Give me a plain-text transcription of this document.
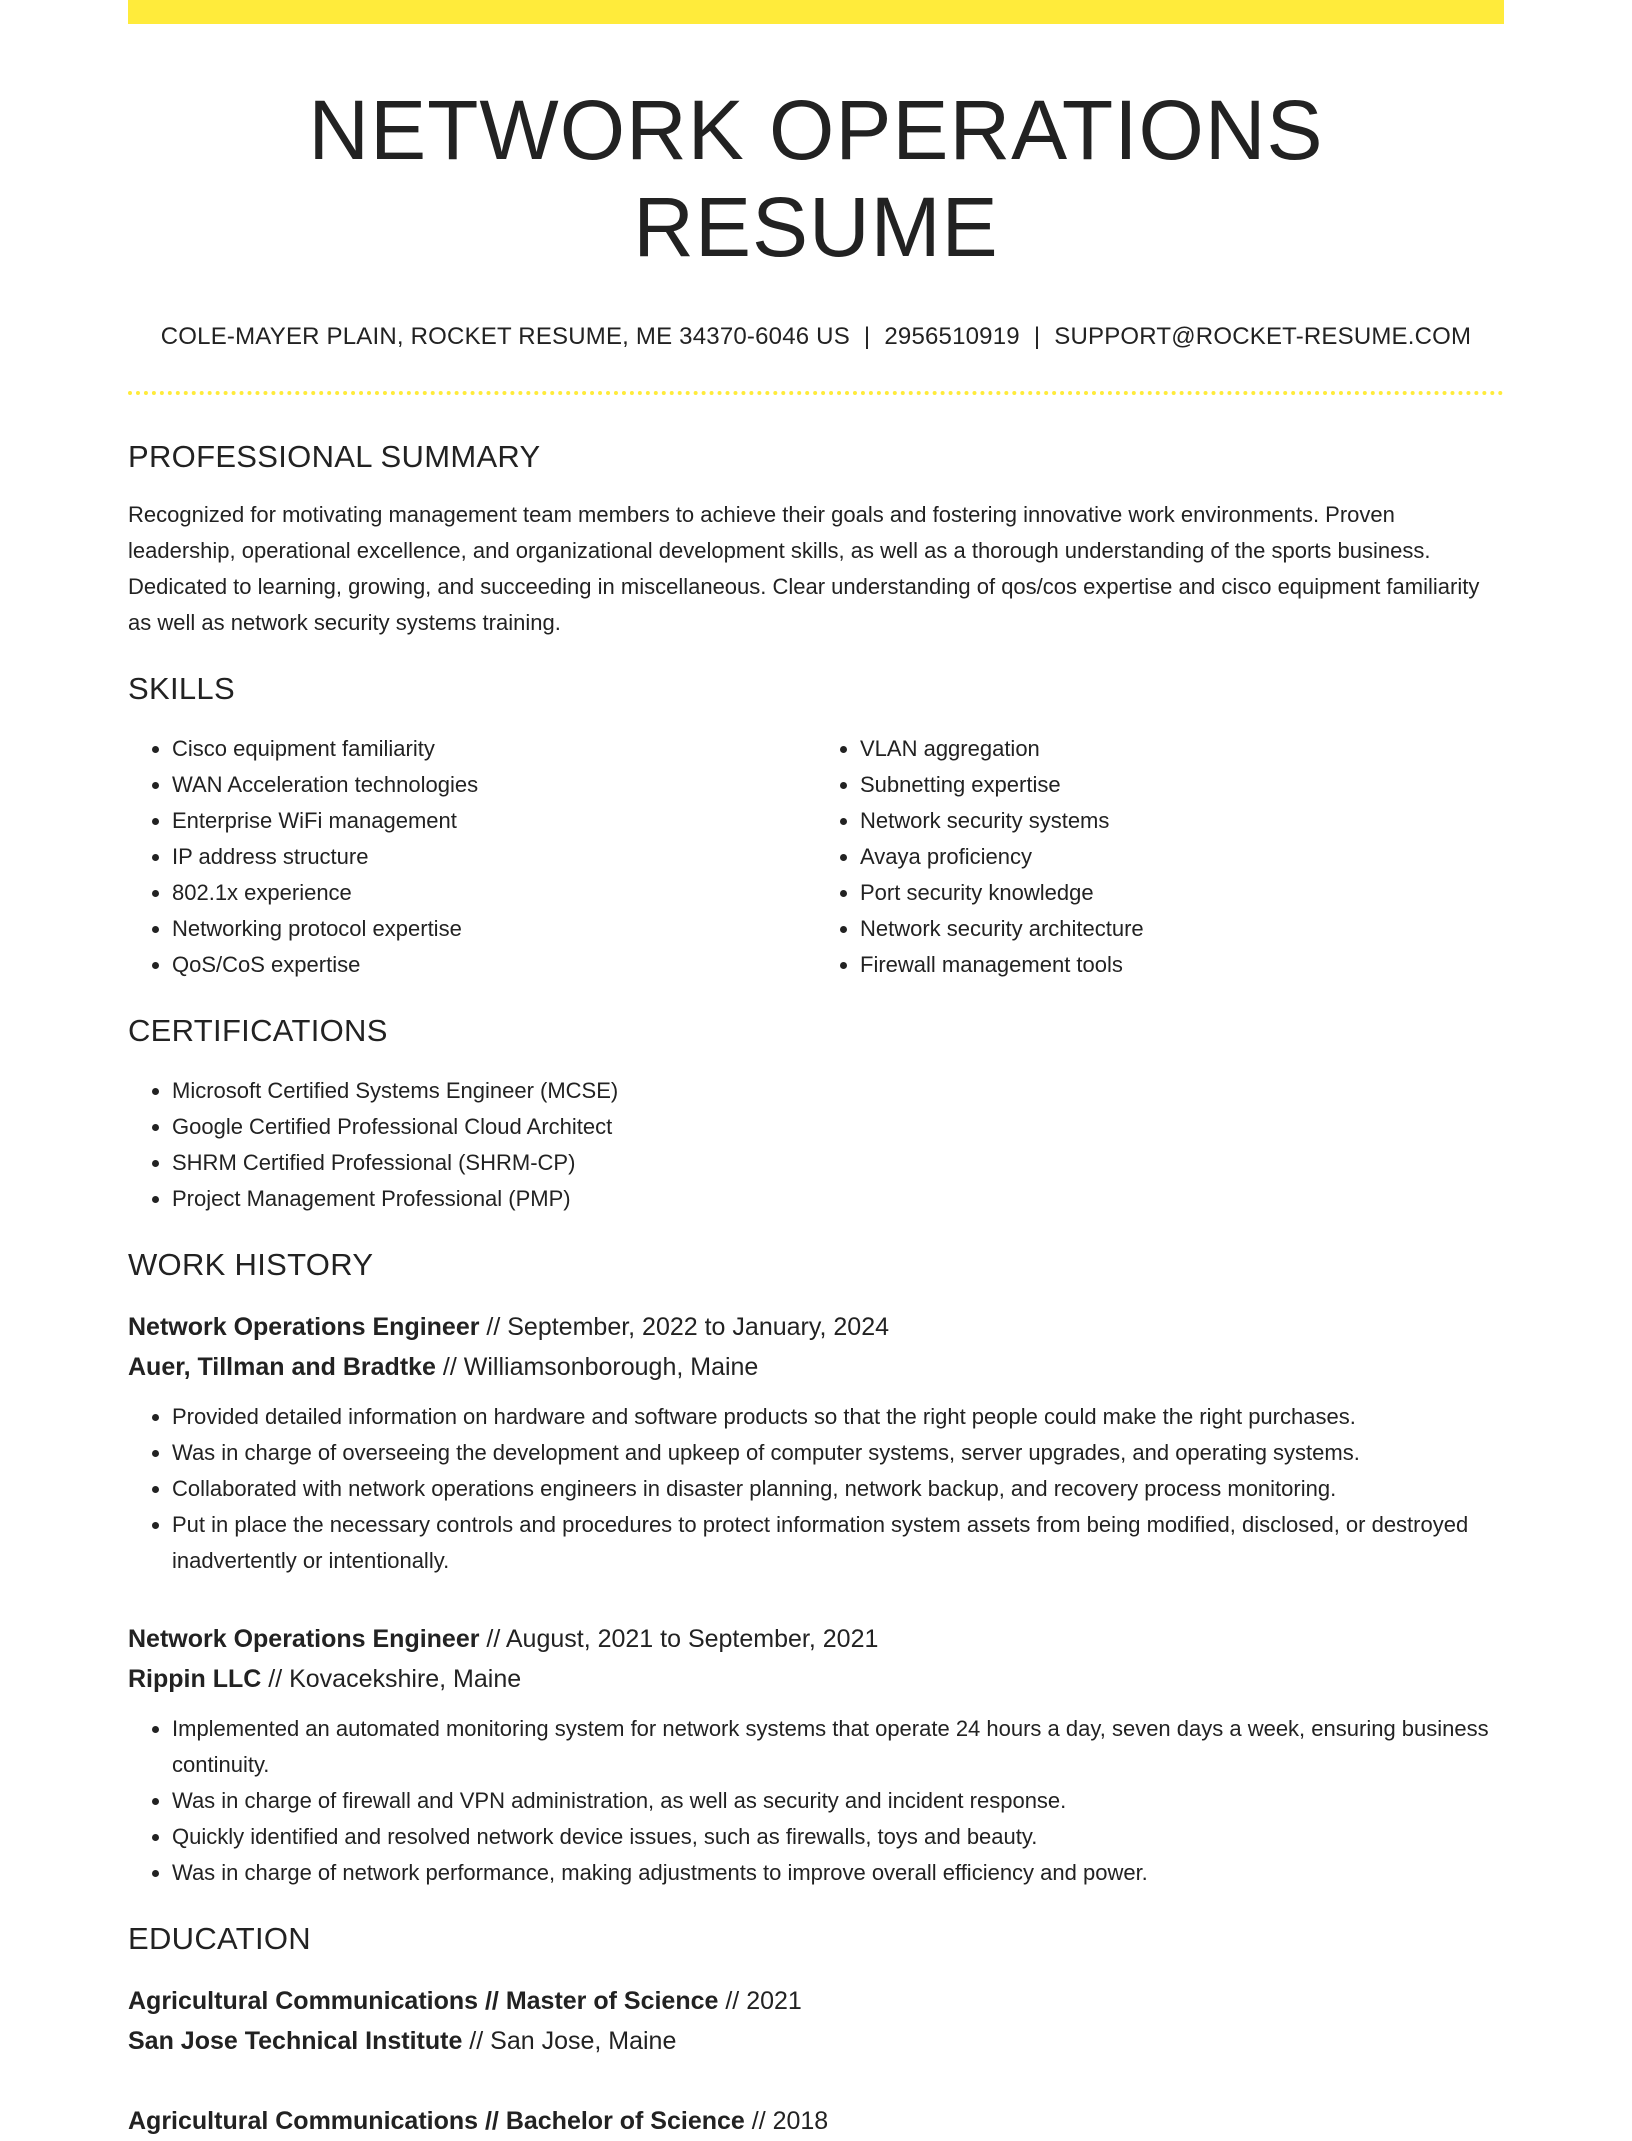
NETWORK OPERATIONS RESUME
COLE-MAYER PLAIN, ROCKET RESUME, ME 34370-6046 US | 2956510919 | SUPPORT@ROCKET-RESUME.COM
PROFESSIONAL SUMMARY

Recognized for motivating management team members to achieve their goals and fostering innovative work environments. Proven leadership, operational excellence, and organizational development skills, as well as a thorough understanding of the sports business. Dedicated to learning, growing, and succeeding in miscellaneous. Clear understanding of qos/cos expertise and cisco equipment familiarity as well as network security systems training.

SKILLS
• Cisco equipment familiarity
• WAN Acceleration technologies
• Enterprise WiFi management
• IP address structure
• 802.1x experience
• Networking protocol expertise
• QoS/CoS expertise
• VLAN aggregation
• Subnetting expertise
• Network security systems
• Avaya proficiency
• Port security knowledge
• Network security architecture
• Firewall management tools
CERTIFICATIONS
• Microsoft Certified Systems Engineer (MCSE)
• Google Certified Professional Cloud Architect
• SHRM Certified Professional (SHRM-CP)
• Project Management Professional (PMP)
WORK HISTORY
Network Operations Engineer // September, 2022 to January, 2024
Auer, Tillman and Bradtke // Williamsonborough, Maine
• Provided detailed information on hardware and software products so that the right people could make the right purchases.
• Was in charge of overseeing the development and upkeep of computer systems, server upgrades, and operating systems.
• Collaborated with network operations engineers in disaster planning, network backup, and recovery process monitoring.
• Put in place the necessary controls and procedures to protect information system assets from being modified, disclosed, or destroyed inadvertently or intentionally.
Network Operations Engineer // August, 2021 to September, 2021
Rippin LLC // Kovacekshire, Maine
• Implemented an automated monitoring system for network systems that operate 24 hours a day, seven days a week, ensuring business continuity.
• Was in charge of firewall and VPN administration, as well as security and incident response.
• Quickly identified and resolved network device issues, such as firewalls, toys and beauty.
• Was in charge of network performance, making adjustments to improve overall efficiency and power.
EDUCATION
Agricultural Communications // Master of Science // 2021
San Jose Technical Institute // San Jose, Maine
Agricultural Communications // Bachelor of Science // 2018
